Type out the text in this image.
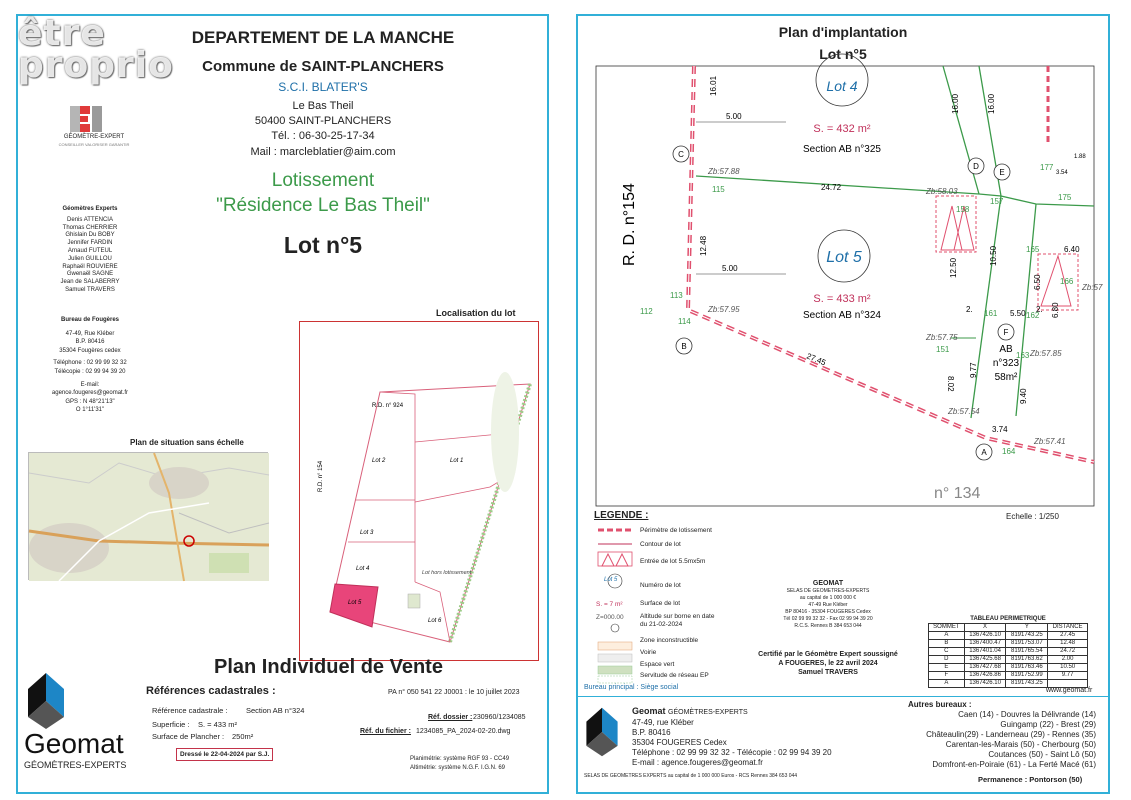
être
proprio
DEPARTEMENT DE LA MANCHE
Commune de SAINT-PLANCHERS
S.C.I. BLATER'S
Le Bas Theil
50400 SAINT-PLANCHERS
Tél. : 06-30-25-17-34
Mail : marcleblatier@aim.com
Lotissement
"Résidence Le Bas Theil"
Lot n°5
GÉOMÈTRE-EXPERT
CONSEILLER VALORISER GARANTIR
Géomètres Experts
Denis ATTENCIA
Thomas CHERRIER
Ghislain Du BOBY
Jennifer FARDIN
Arnaud FUTEUL
Julien GUILLOU
Raphaël ROUVIERE
Gwenaël SAGNE
Jean de SALABERRY
Samuel TRAVERS
Bureau de Fougères
47-49, Rue Kléber
B.P. 80416
35304 Fougères cedex
Téléphone : 02 99 99 32 32
Télécopie : 02 99 94 39 20
E-mail:
agence.fougeres@geomat.fr
GPS : N 48°21'13"
O 1°11'31"
Plan de situation sans échelle
Localisation du lot
R.D. n° 924
R.D. n° 154	Lot 2	Lot 1
Lot 3
Lot 4
Lot 5
Lot 6
Lot hors lotissement
Plan Individuel de Vente
Geomat
GÉOMÈTRES-EXPERTS
Références cadastrales :	PA n° 050 541 22 J0001 : le 10 juillet 2023
Référence cadastrale : Section AB n°324
Superficie : S. = 433 m²
Surface de Plancher : 250m²
Réf. dossier : 230960/1234085
Réf. du fichier : 1234085_PA_2024-02-20.dwg
Dressé le 22-04-2024 par S.J.
Planimétrie: système RGF 93 - CC49
Altimétrie: système N.G.F. I.G.N. 69
Plan d'implantation
Lot n°5
C
B
D
E
F
A
Lot 4
S. = 432 m²
Section AB n°325
Lot 5
S. = 433 m²
Section AB n°324
AB
n°323
58m²
R. D. n°154
n° 134
16.01
5.00
24.72
12.48
5.00
27.45
16.00	16.00
12.50
10.50	6.40
6.50
6.80
5.50
2.	2.
9.77
9.40
8.02
3.74
1.88
3.54
Zb:57.88
Zb:58.03
Zb:57.95
Zb:57.75
Zb:57.85
Zb:57.54
Zb:57.41
Zb:57
115
113
112
114
158
157
165
166
161	162
151
163
164
177
175
Echelle : 1/250
LEGENDE :
Lot 5
S. = 7 m²
Z=000.00
Périmètre de lotissement
Contour de lot
Entrée de lot 5.5mx5m
Numéro de lot
Surface de lot
Altitude sur borne en date du 21-02-2024
Zone inconstructible
Voirie
Espace vert
Servitude de réseau EP
Bureau principal : Siège social
GEOMAT
SELAS DE GEOMETRES-EXPERTS
au capital de 1 000 000 €
47-49 Rue Kléber
BP 80416 - 35304 FOUGERES Cedex
Tél 02 99 99 32 32 - Fax 02 99 94 39 20
R.C.S. Rennes B 384 653 044
Certifié par le Géomètre Expert soussigné
A FOUGERES, le 22 avril 2024
Samuel TRAVERS
TABLEAU PERIMETRIQUE			
SOMMET	X	Y	DISTANCE
A	1367426.10	8191743.25	27.45
B	1367400.47	8191753.07	12.48
C	1367401.04	8191765.54	24.72
D	1367425.68	8191763.62	2.00
E	1367427.68	8191763.46	10.50
F	1367426.86	8191752.99	9.77
A	1367426.10	8191743.25	
www.geomat.fr
Geomat GÉOMÈTRES-EXPERTS
47-49, rue Kléber
B.P. 80416
35304 FOUGERES Cedex
Téléphone : 02 99 99 32 32 - Télécopie : 02 99 94 39 20
E-mail : agence.fougeres@geomat.fr
Autres bureaux :
Caen (14) - Douvres la Délivrande (14)
Guingamp (22) - Brest (29)
Châteaulin(29) - Landerneau (29) - Rennes (35)
Carentan-les-Marais (50) - Cherbourg (50)
Coutances (50) - Saint Lô (50)
Domfront-en-Poiraie (61) - La Ferté Macé (61)
SELAS DE GEOMETRES EXPERTS au capital de 1 000 000 Euros - RCS Rennes 384 653 044	Permanence : Pontorson (50)
